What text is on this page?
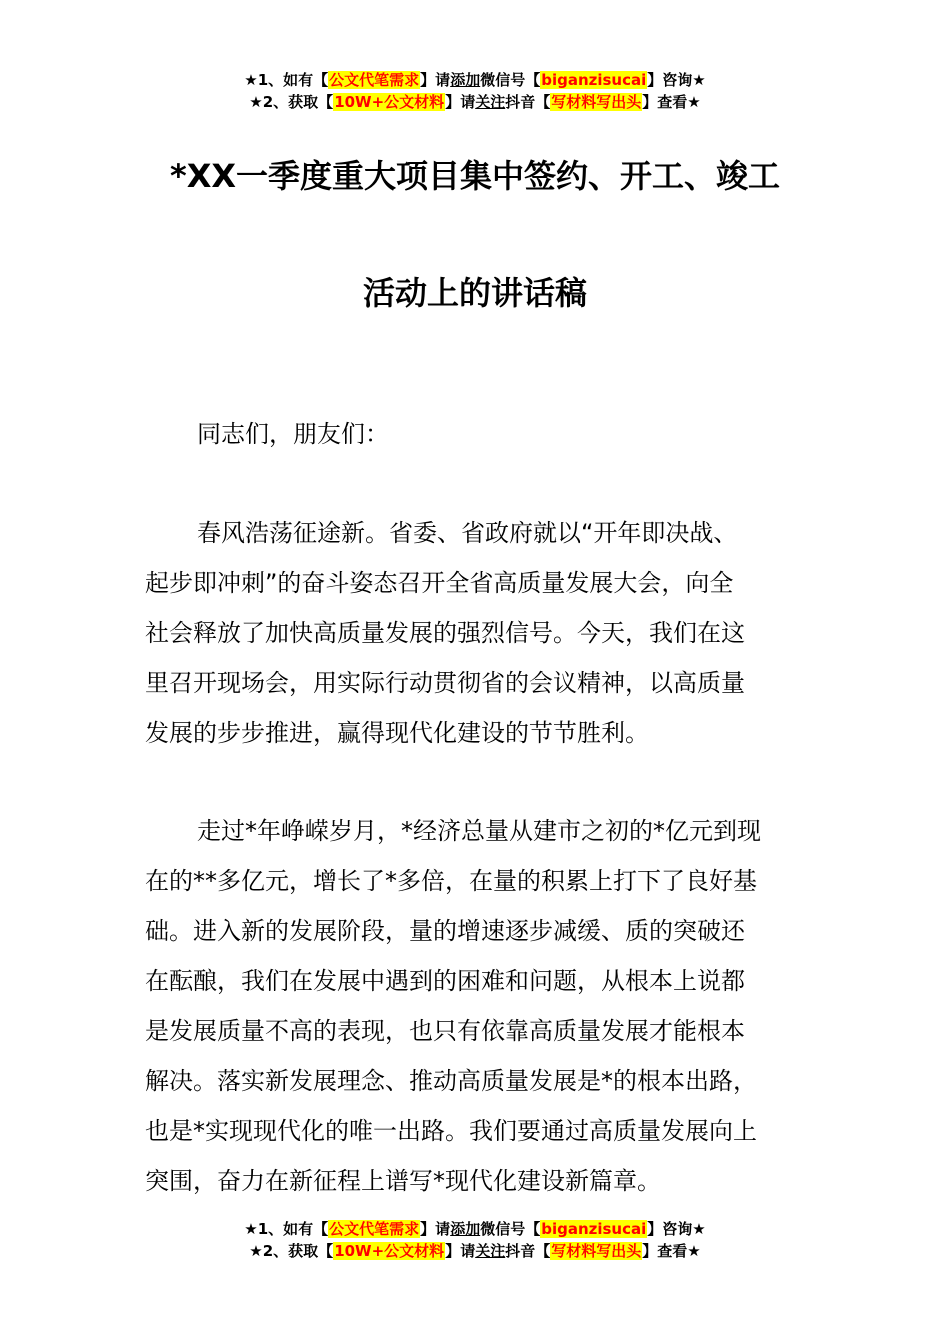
★1、如有【公文代笔需求】请添加微信号【biganzisucai】咨询★
★2、获取【10W+公文材料】请关注抖音【写材料写出头】查看★
*XX一季度重大项目集中签约、开工、竣工
活动上的讲话稿
同志们，朋友们：
春风浩荡征途新。省委、省政府就以“开年即决战、
起步即冲刺”的奋斗姿态召开全省高质量发展大会，向全
社会释放了加快高质量发展的强烈信号。今天，我们在这
里召开现场会，用实际行动贯彻省的会议精神，以高质量
发展的步步推进，赢得现代化建设的节节胜利。
走过*年峥嵘岁月，*经济总量从建市之初的*亿元到现
在的**多亿元，增长了*多倍，在量的积累上打下了良好基
础。进入新的发展阶段，量的增速逐步减缓、质的突破还
在酝酿，我们在发展中遇到的困难和问题，从根本上说都
是发展质量不高的表现，也只有依靠高质量发展才能根本
解决。落实新发展理念、推动高质量发展是*的根本出路，
也是*实现现代化的唯一出路。我们要通过高质量发展向上
突围，奋力在新征程上谱写*现代化建设新篇章。
★1、如有【公文代笔需求】请添加微信号【biganzisucai】咨询★
★2、获取【10W+公文材料】请关注抖音【写材料写出头】查看★
